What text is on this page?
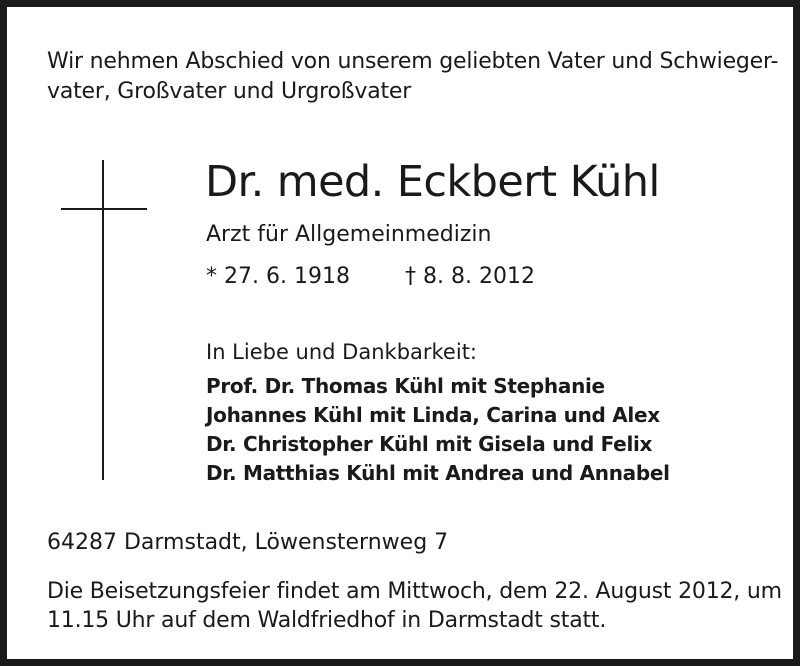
Wir nehmen Abschied von unserem geliebten Vater und Schwieger-
vater, Großvater und Urgroßvater
Dr. med. Eckbert Kühl
Arzt für Allgemeinmedizin
* 27. 6. 1918	† 8. 8. 2012
In Liebe und Dankbarkeit:
Prof. Dr. Thomas Kühl mit Stephanie
Johannes Kühl mit Linda, Carina und Alex
Dr. Christopher Kühl mit Gisela und Felix
Dr. Matthias Kühl mit Andrea und Annabel
64287 Darmstadt, Löwensternweg 7
Die Beisetzungsfeier findet am Mittwoch, dem 22. August 2012, um
11.15 Uhr auf dem Waldfriedhof in Darmstadt statt.
